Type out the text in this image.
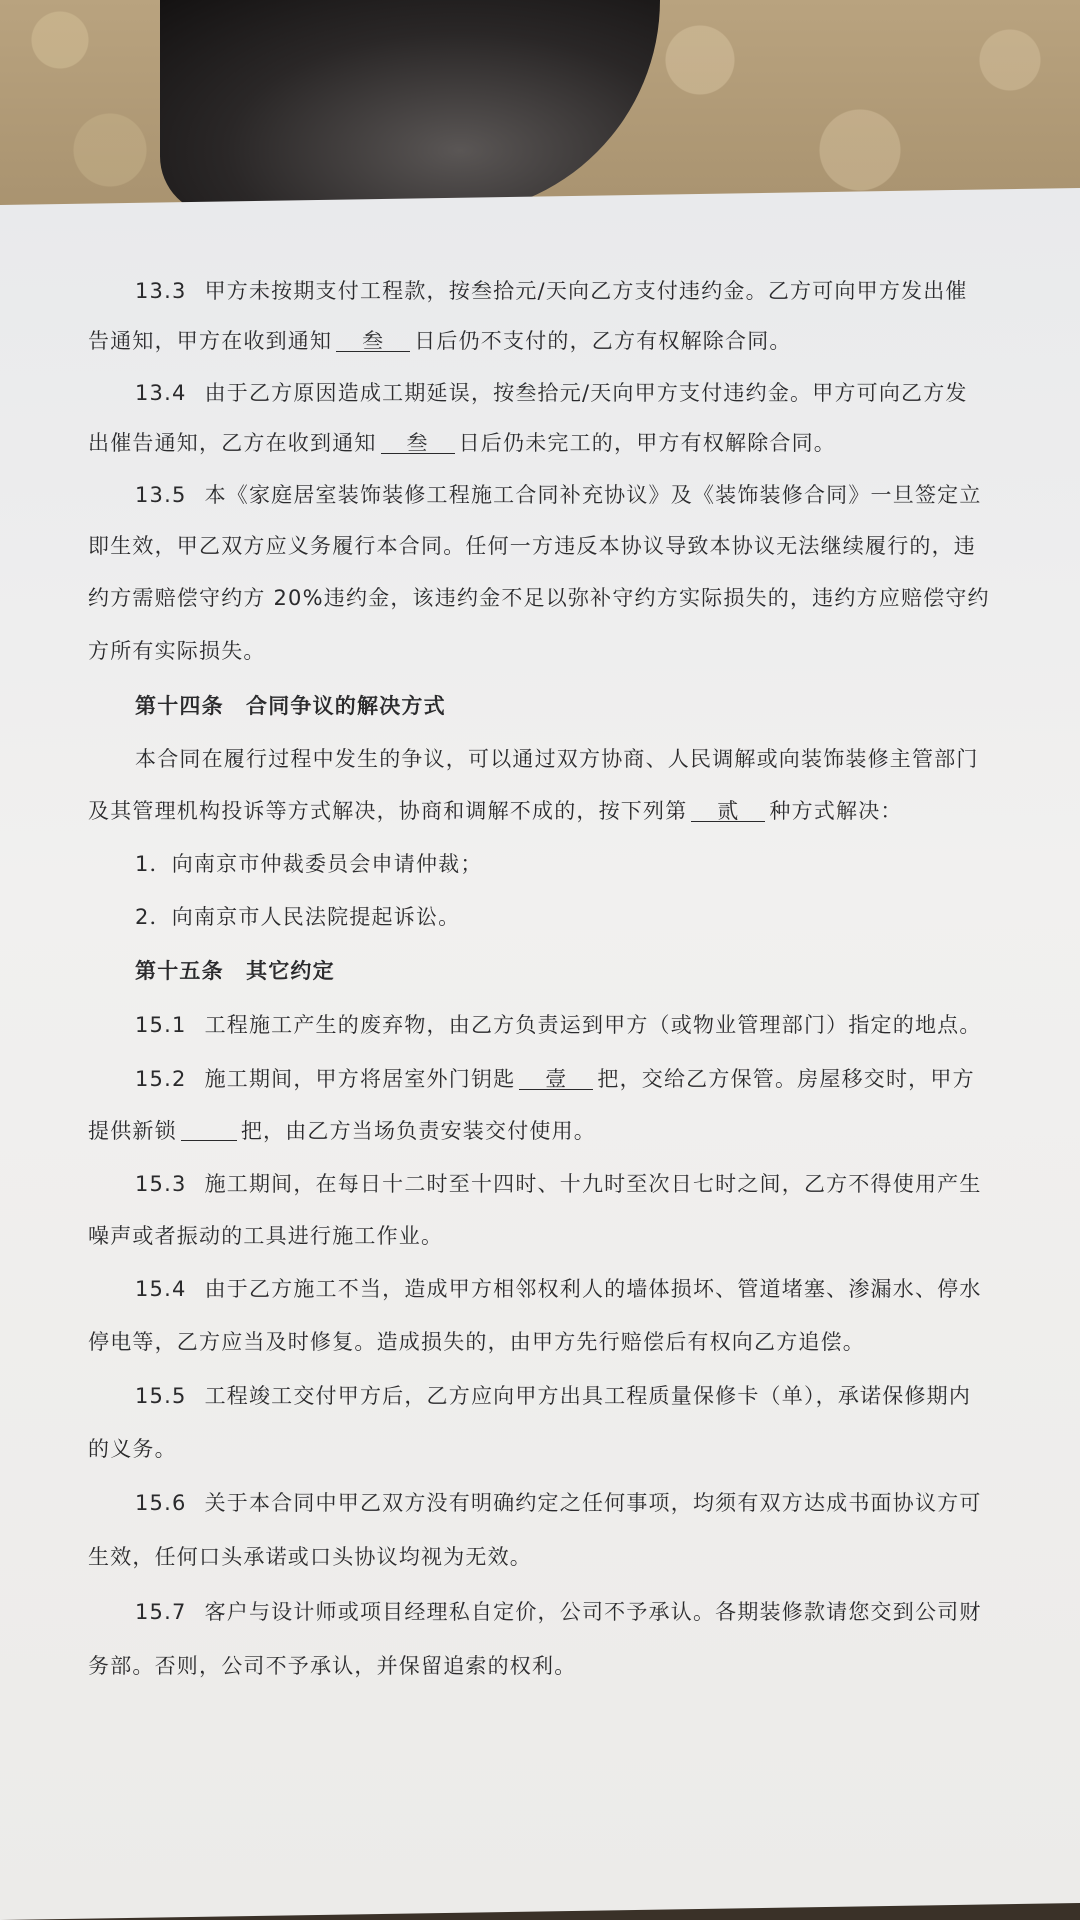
13.3 甲方未按期支付工程款，按叁拾元/天向乙方支付违约金。乙方可向甲方发出催
告通知，甲方在收到通知 叁 日后仍不支付的，乙方有权解除合同。
13.4 由于乙方原因造成工期延误，按叁拾元/天向甲方支付违约金。甲方可向乙方发
出催告通知，乙方在收到通知 叁 日后仍未完工的，甲方有权解除合同。
13.5 本《家庭居室装饰装修工程施工合同补充协议》及《装饰装修合同》一旦签定立
即生效，甲乙双方应义务履行本合同。任何一方违反本协议导致本协议无法继续履行的，违
约方需赔偿守约方 20%违约金，该违约金不足以弥补守约方实际损失的，违约方应赔偿守约
方所有实际损失。
第十四条　合同争议的解决方式
本合同在履行过程中发生的争议，可以通过双方协商、人民调解或向装饰装修主管部门
及其管理机构投诉等方式解决，协商和调解不成的，按下列第 贰 种方式解决：
1．向南京市仲裁委员会申请仲裁；
2．向南京市人民法院提起诉讼。
第十五条　其它约定
15.1 工程施工产生的废弃物，由乙方负责运到甲方（或物业管理部门）指定的地点。
15.2 施工期间，甲方将居室外门钥匙 壹 把，交给乙方保管。房屋移交时，甲方
提供新锁	把，由乙方当场负责安装交付使用。
15.3 施工期间，在每日十二时至十四时、十九时至次日七时之间，乙方不得使用产生
噪声或者振动的工具进行施工作业。
15.4 由于乙方施工不当，造成甲方相邻权利人的墙体损坏、管道堵塞、渗漏水、停水
停电等，乙方应当及时修复。造成损失的，由甲方先行赔偿后有权向乙方追偿。
15.5 工程竣工交付甲方后，乙方应向甲方出具工程质量保修卡（单），承诺保修期内
的义务。
15.6 关于本合同中甲乙双方没有明确约定之任何事项，均须有双方达成书面协议方可
生效，任何口头承诺或口头协议均视为无效。
15.7 客户与设计师或项目经理私自定价，公司不予承认。各期装修款请您交到公司财
务部。否则，公司不予承认，并保留追索的权利。
